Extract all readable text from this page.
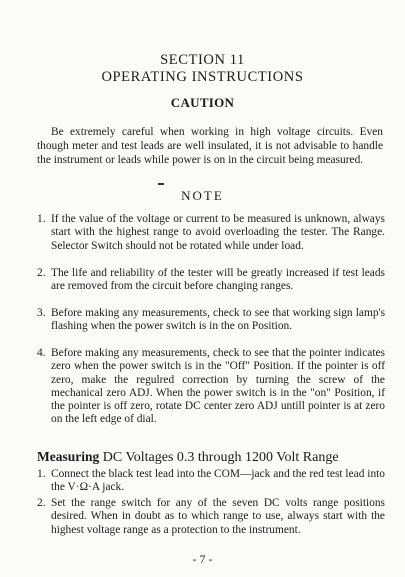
SECTION 11
OPERATING INSTRUCTIONS
CAUTION
Be extremely careful when working in high voltage circuits. Even though meter and test leads are well insulated, it is not advisable to handle the instrument or leads while power is on in the circuit being measured.
NOTE
1. If the value of the voltage or current to be measured is unknown, always start with the highest range to avoid overloading the tester. The Range. Selector Switch should not be rotated while under load.
2. The life and reliability of the tester will be greatly increased if test leads are removed from the circuit before changing ranges.
3. Before making any measurements, check to see that working sign lamp's flashing when the power switch is in the on Position.
4. Before making any measurements, check to see that the pointer indicates zero when the power switch is in the "Off" Position. If the pointer is off zero, make the regulred correction by turning the screw of the mechanical zero ADJ. When the power switch is in the "on" Position, if the pointer is off zero, rotate DC center zero ADJ untill pointer is at zero on the left edge of dial.
Measuring DC Voltages 0.3 through 1200 Volt Range
1. Connect the black test lead into the COM—jack and the red test lead into the V·Ω·A jack.
2. Set the range switch for any of the seven DC volts range positions desired. When in doubt as to which range to use, always start with the highest voltage range as a protection to the instrument.
- 7 -
